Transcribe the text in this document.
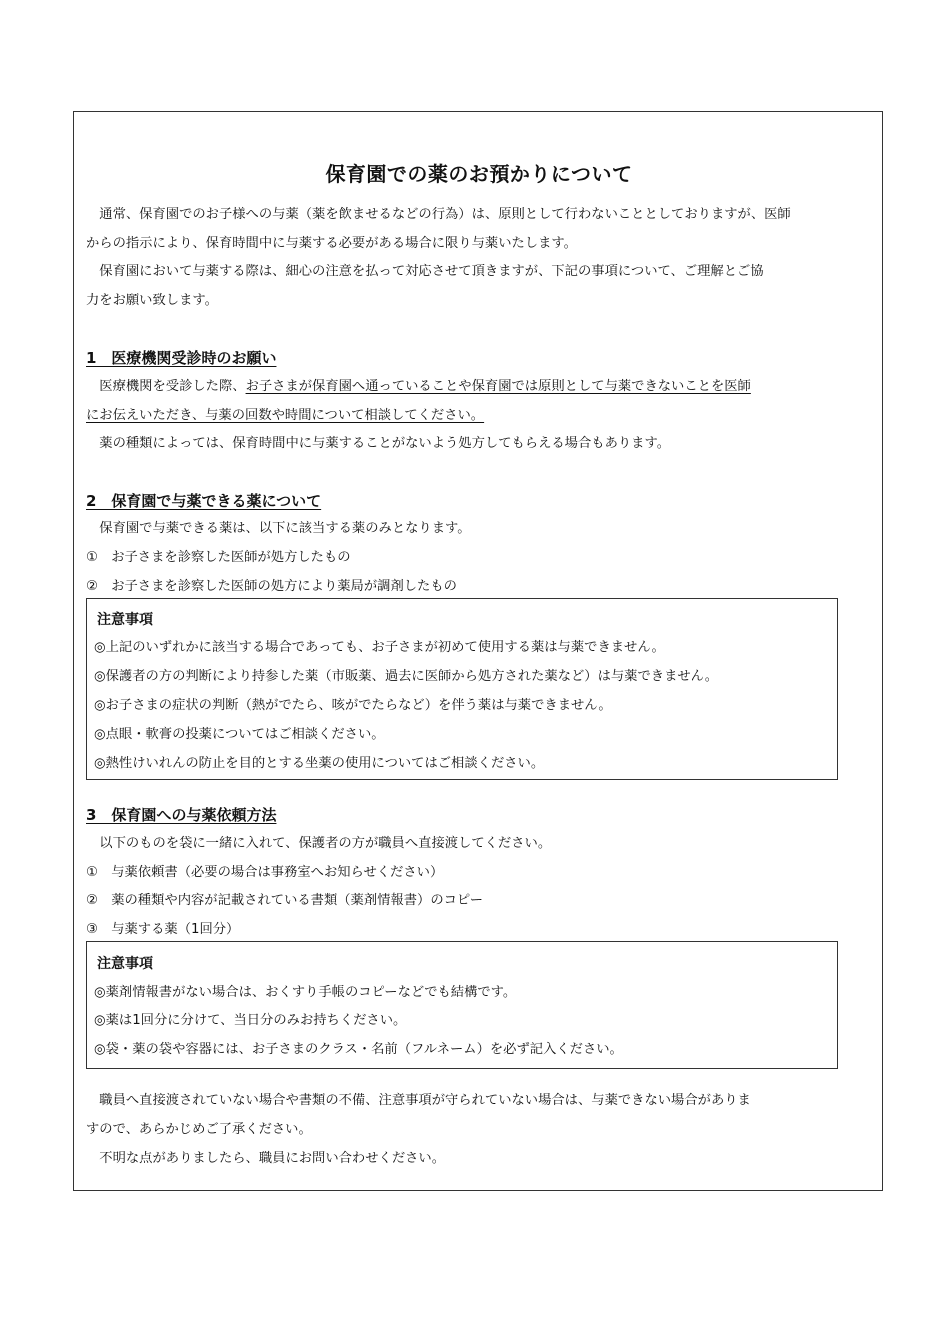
保育園での薬のお預かりについて
　通常、保育園でのお子様への与薬（薬を飲ませるなどの行為）は、原則として行わないこととしておりますが、医師
からの指示により、保育時間中に与薬する必要がある場合に限り与薬いたします。
　保育園において与薬する際は、細心の注意を払って対応させて頂きますが、下記の事項について、ご理解とご協
力をお願い致します。
1　医療機関受診時のお願い
　医療機関を受診した際、お子さまが保育園へ通っていることや保育園では原則として与薬できないことを医師
にお伝えいただき、与薬の回数や時間について相談してください。
　薬の種類によっては、保育時間中に与薬することがないよう処方してもらえる場合もあります。
2　保育園で与薬できる薬について
　保育園で与薬できる薬は、以下に該当する薬のみとなります。
①　お子さまを診察した医師が処方したもの
②　お子さまを診察した医師の処方により薬局が調剤したもの
注意事項
◎上記のいずれかに該当する場合であっても、お子さまが初めて使用する薬は与薬できません。
◎保護者の方の判断により持参した薬（市販薬、過去に医師から処方された薬など）は与薬できません。
◎お子さまの症状の判断（熱がでたら、咳がでたらなど）を伴う薬は与薬できません。
◎点眼・軟膏の投薬についてはご相談ください。
◎熱性けいれんの防止を目的とする坐薬の使用についてはご相談ください。
3　保育園への与薬依頼方法
　以下のものを袋に一緒に入れて、保護者の方が職員へ直接渡してください。
①　与薬依頼書（必要の場合は事務室へお知らせください）
②　薬の種類や内容が記載されている書類（薬剤情報書）のコピー
③　与薬する薬（1回分）
注意事項
◎薬剤情報書がない場合は、おくすり手帳のコピーなどでも結構です。
◎薬は1回分に分けて、当日分のみお持ちください。
◎袋・薬の袋や容器には、お子さまのクラス・名前（フルネーム）を必ず記入ください。
　職員へ直接渡されていない場合や書類の不備、注意事項が守られていない場合は、与薬できない場合がありま
すので、あらかじめご了承ください。
　不明な点がありましたら、職員にお問い合わせください。
